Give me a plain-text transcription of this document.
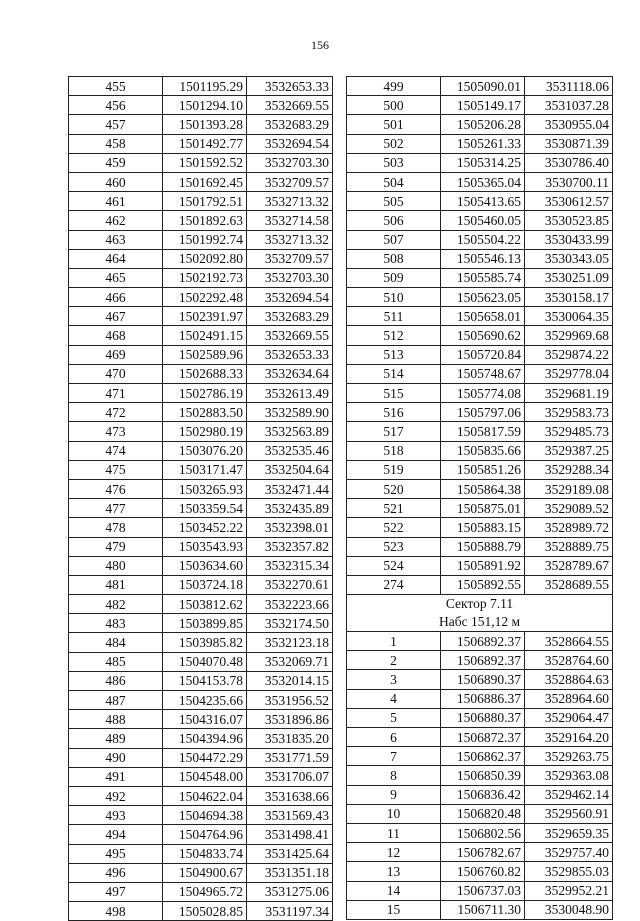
156
455	1501195.29	3532653.33
456	1501294.10	3532669.55
457	1501393.28	3532683.29
458	1501492.77	3532694.54
459	1501592.52	3532703.30
460	1501692.45	3532709.57
461	1501792.51	3532713.32
462	1501892.63	3532714.58
463	1501992.74	3532713.32
464	1502092.80	3532709.57
465	1502192.73	3532703.30
466	1502292.48	3532694.54
467	1502391.97	3532683.29
468	1502491.15	3532669.55
469	1502589.96	3532653.33
470	1502688.33	3532634.64
471	1502786.19	3532613.49
472	1502883.50	3532589.90
473	1502980.19	3532563.89
474	1503076.20	3532535.46
475	1503171.47	3532504.64
476	1503265.93	3532471.44
477	1503359.54	3532435.89
478	1503452.22	3532398.01
479	1503543.93	3532357.82
480	1503634.60	3532315.34
481	1503724.18	3532270.61
482	1503812.62	3532223.66
483	1503899.85	3532174.50
484	1503985.82	3532123.18
485	1504070.48	3532069.71
486	1504153.78	3532014.15
487	1504235.66	3531956.52
488	1504316.07	3531896.86
489	1504394.96	3531835.20
490	1504472.29	3531771.59
491	1504548.00	3531706.07
492	1504622.04	3531638.66
493	1504694.38	3531569.43
494	1504764.96	3531498.41
495	1504833.74	3531425.64
496	1504900.67	3531351.18
497	1504965.72	3531275.06
498	1505028.85	3531197.34
499	1505090.01	3531118.06
500	1505149.17	3531037.28
501	1505206.28	3530955.04
502	1505261.33	3530871.39
503	1505314.25	3530786.40
504	1505365.04	3530700.11
505	1505413.65	3530612.57
506	1505460.05	3530523.85
507	1505504.22	3530433.99
508	1505546.13	3530343.05
509	1505585.74	3530251.09
510	1505623.05	3530158.17
511	1505658.01	3530064.35
512	1505690.62	3529969.68
513	1505720.84	3529874.22
514	1505748.67	3529778.04
515	1505774.08	3529681.19
516	1505797.06	3529583.73
517	1505817.59	3529485.73
518	1505835.66	3529387.25
519	1505851.26	3529288.34
520	1505864.38	3529189.08
521	1505875.01	3529089.52
522	1505883.15	3528989.72
523	1505888.79	3528889.75
524	1505891.92	3528789.67
274	1505892.55	3528689.55

Сектор 7.11
Набс 151,12 м		

1	1506892.37	3528664.55
2	1506892.37	3528764.60
3	1506890.37	3528864.63
4	1506886.37	3528964.60
5	1506880.37	3529064.47
6	1506872.37	3529164.20
7	1506862.37	3529263.75
8	1506850.39	3529363.08
9	1506836.42	3529462.14
10	1506820.48	3529560.91
11	1506802.56	3529659.35
12	1506782.67	3529757.40
13	1506760.82	3529855.03
14	1506737.03	3529952.21
15	1506711.30	3530048.90
